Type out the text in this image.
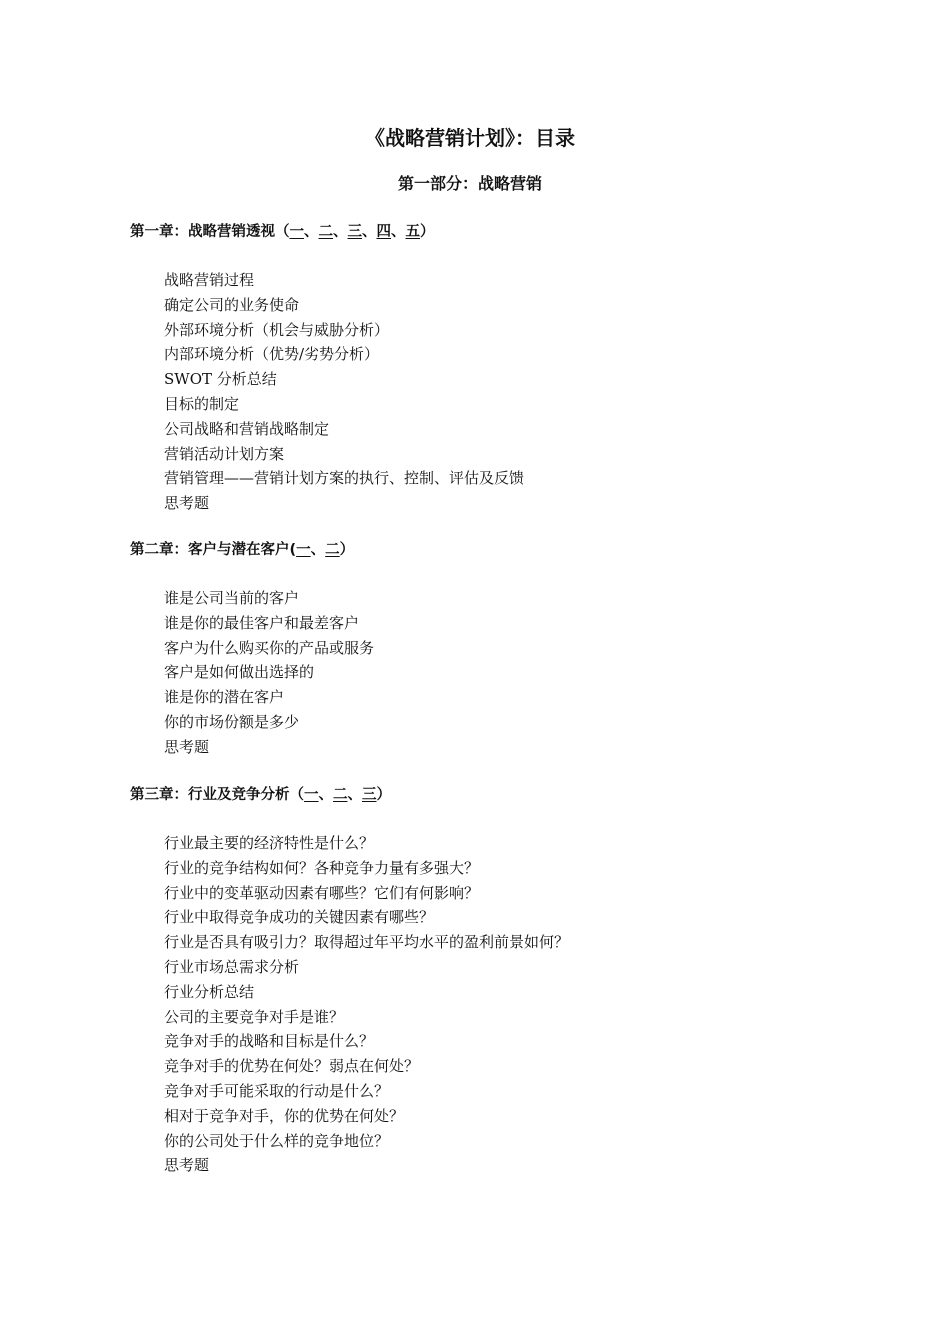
《战略营销计划》：目录
第一部分：战略营销
第一章：战略营销透视（一、二、三、四、五）
战略营销过程
确定公司的业务使命
外部环境分析（机会与威胁分析）
内部环境分析（优势/劣势分析）
SWOT 分析总结
目标的制定
公司战略和营销战略制定
营销活动计划方案
营销管理——营销计划方案的执行、控制、评估及反馈
思考题
第二章：客户与潜在客户(一、二）
谁是公司当前的客户
谁是你的最佳客户和最差客户
客户为什么购买你的产品或服务
客户是如何做出选择的
谁是你的潜在客户
你的市场份额是多少
思考题
第三章：行业及竞争分析（一、二、三）
行业最主要的经济特性是什么？
行业的竞争结构如何？各种竞争力量有多强大？
行业中的变革驱动因素有哪些？它们有何影响？
行业中取得竞争成功的关键因素有哪些？
行业是否具有吸引力？取得超过年平均水平的盈利前景如何？
行业市场总需求分析
行业分析总结
公司的主要竞争对手是谁？
竞争对手的战略和目标是什么？
竞争对手的优势在何处？弱点在何处？
竞争对手可能采取的行动是什么？
相对于竞争对手，你的优势在何处？
你的公司处于什么样的竞争地位？
思考题
